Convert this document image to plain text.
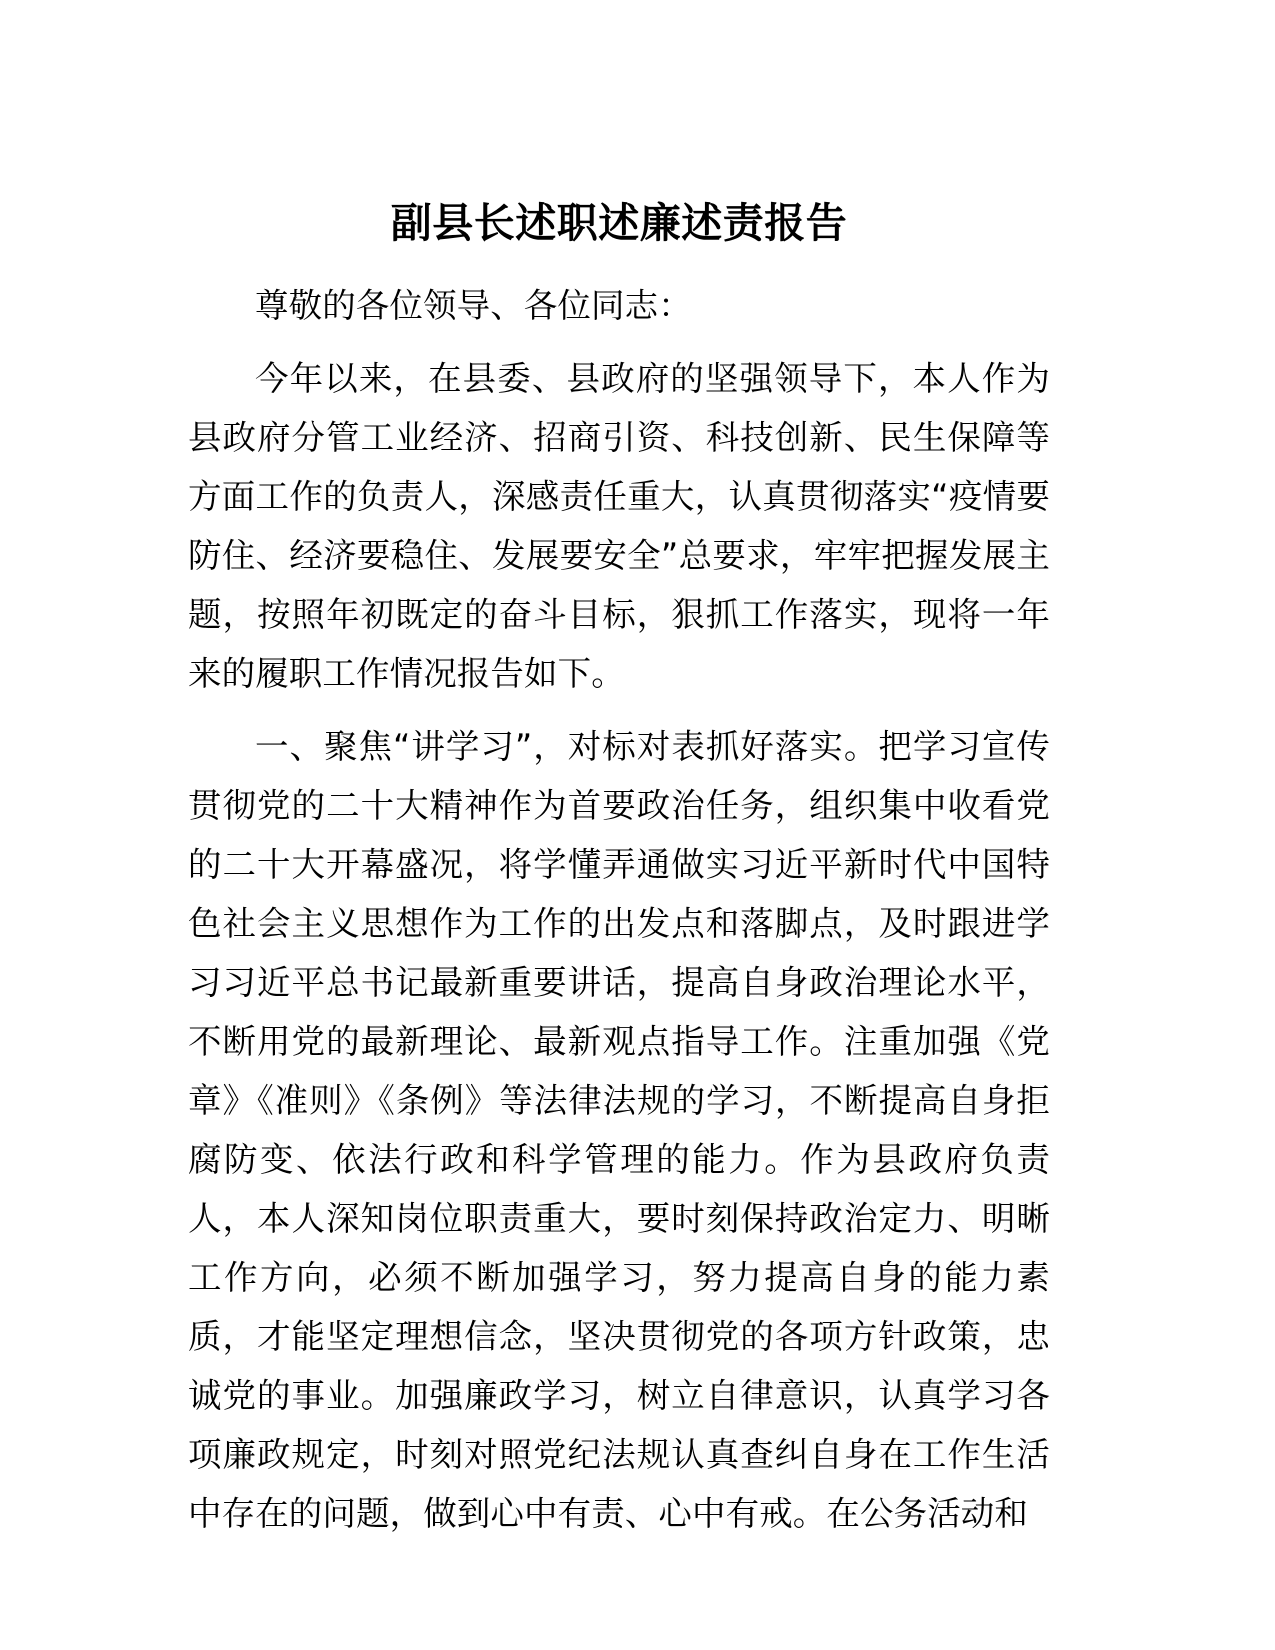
副县长述职述廉述责报告

尊敬的各位领导、各位同志：

今年以来，在县委、县政府的坚强领导下，本人作为县政府分管工业经济、招商引资、科技创新、民生保障等方面工作的负责人，深感责任重大，认真贯彻落实“疫情要防住、经济要稳住、发展要安全”总要求，牢牢把握发展主题，按照年初既定的奋斗目标，狠抓工作落实，现将一年来的履职工作情况报告如下。

一、聚焦“讲学习”，对标对表抓好落实。把学习宣传贯彻党的二十大精神作为首要政治任务，组织集中收看党的二十大开幕盛况，将学懂弄通做实习近平新时代中国特色社会主义思想作为工作的出发点和落脚点，及时跟进学习习近平总书记最新重要讲话，提高自身政治理论水平，不断用党的最新理论、最新观点指导工作。注重加强《党章》《准则》《条例》等法律法规的学习，不断提高自身拒腐防变、依法行政和科学管理的能力。作为县政府负责人，本人深知岗位职责重大，要时刻保持政治定力、明晰工作方向，必须不断加强学习，努力提高自身的能力素质，才能坚定理想信念，坚决贯彻党的各项方针政策，忠诚党的事业。加强廉政学习，树立自律意识，认真学习各项廉政规定，时刻对照党纪法规认真查纠自身在工作生活中存在的问题，做到心中有责、心中有戒。在公务活动和
